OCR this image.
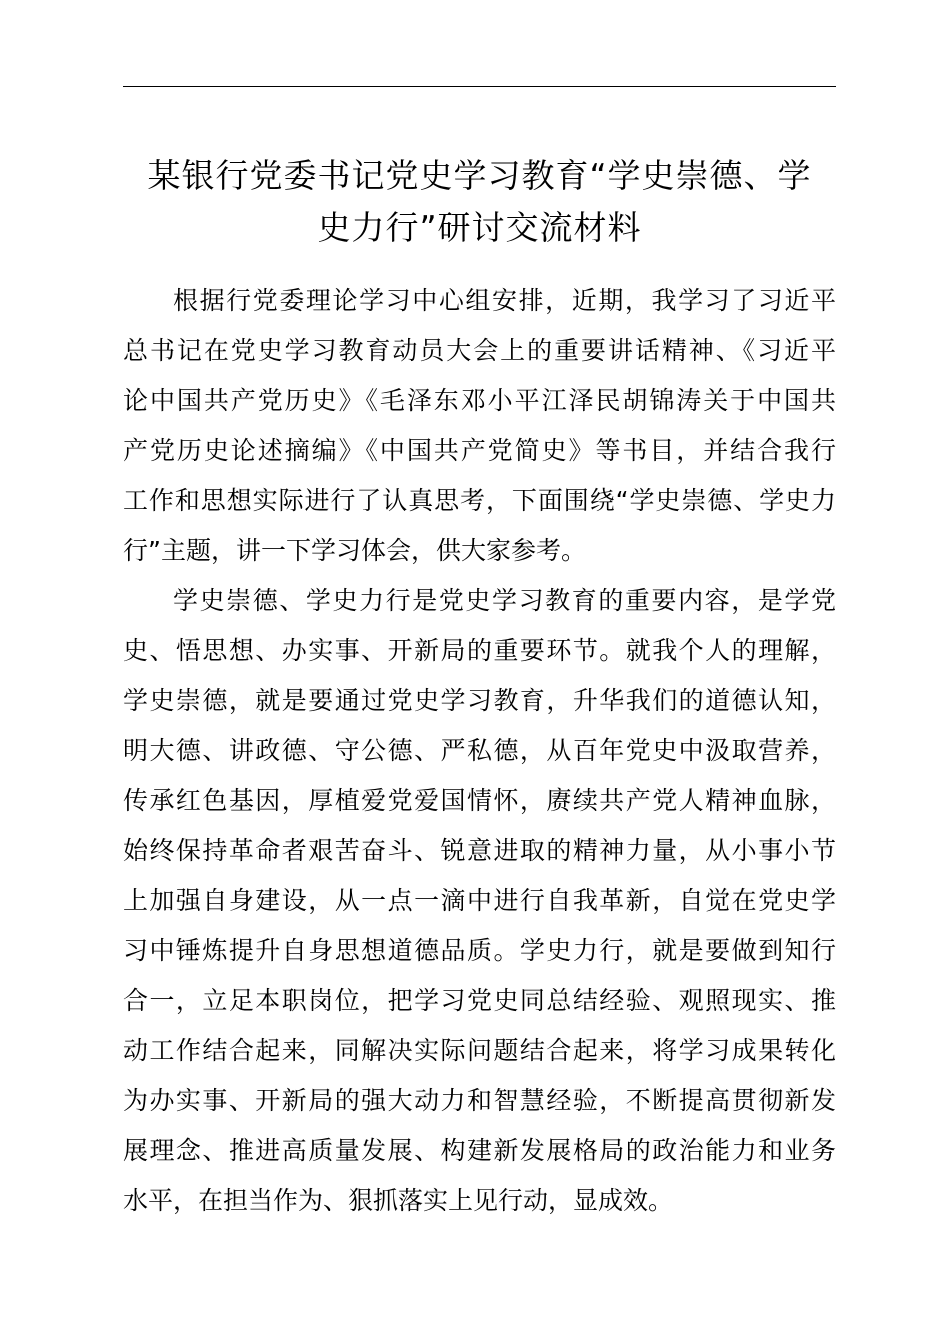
某银行党委书记党史学习教育“学史崇德、学
史力行”研讨交流材料

根据行党委理论学习中心组安排，近期，我学习了习近平
总书记在党史学习教育动员大会上的重要讲话精神、《习近平
论中国共产党历史》《毛泽东邓小平江泽民胡锦涛关于中国共
产党历史论述摘编》《中国共产党简史》等书目，并结合我行
工作和思想实际进行了认真思考，下面围绕“学史崇德、学史力
行”主题，讲一下学习体会，供大家参考。

学史崇德、学史力行是党史学习教育的重要内容，是学党
史、悟思想、办实事、开新局的重要环节。就我个人的理解，
学史崇德，就是要通过党史学习教育，升华我们的道德认知，
明大德、讲政德、守公德、严私德，从百年党史中汲取营养，
传承红色基因，厚植爱党爱国情怀，赓续共产党人精神血脉，
始终保持革命者艰苦奋斗、锐意进取的精神力量，从小事小节
上加强自身建设，从一点一滴中进行自我革新，自觉在党史学
习中锤炼提升自身思想道德品质。学史力行，就是要做到知行
合一，立足本职岗位，把学习党史同总结经验、观照现实、推
动工作结合起来，同解决实际问题结合起来，将学习成果转化
为办实事、开新局的强大动力和智慧经验，不断提高贯彻新发
展理念、推进高质量发展、构建新发展格局的政治能力和业务
水平，在担当作为、狠抓落实上见行动，显成效。
